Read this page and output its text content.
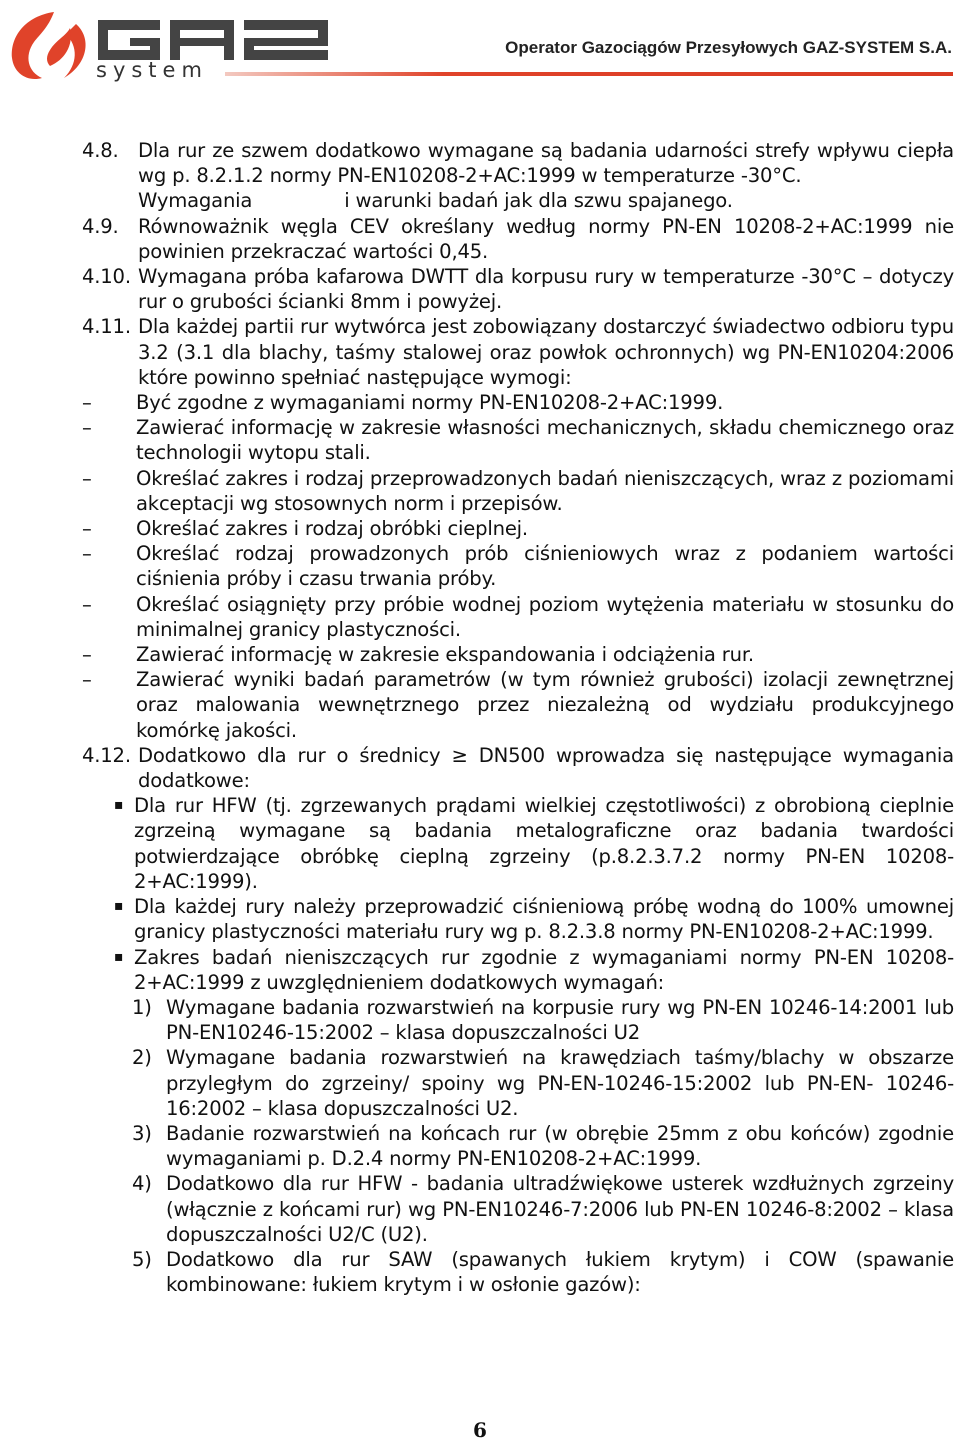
system
Operator Gazociągów Przesyłowych GAZ-SYSTEM S.A.
4.8. Dla rur ze szwem dodatkowo wymagane są badania udarności strefy wpływu ciepła wg p. 8.2.1.2 normy PN-EN10208-2+AC:1999 w temperaturze -30°C.

Wymagania	i warunki badań jak dla szwu spajanego.

4.9. Równoważnik węgla CEV określany według normy PN-EN 10208-2+AC:1999 nie powinien przekraczać wartości 0,45.

4.10. Wymagana próba kafarowa DWTT dla korpusu rury w temperaturze -30°C – dotyczy rur o grubości ścianki 8mm i powyżej.

4.11. Dla każdej partii rur wytwórca jest zobowiązany dostarczyć świadectwo odbioru typu 3.2 (3.1 dla blachy, taśmy stalowej oraz powłok ochronnych) wg PN-EN10204:2006 które powinno spełniać następujące wymogi:

– Być zgodne z wymaganiami normy PN-EN10208-2+AC:1999.

– Zawierać informację w zakresie własności mechanicznych, składu chemicznego oraz technologii wytopu stali.

– Określać zakres i rodzaj przeprowadzonych badań nieniszczących, wraz z poziomami akceptacji wg stosownych norm i przepisów.

– Określać zakres i rodzaj obróbki cieplnej.

– Określać rodzaj prowadzonych prób ciśnieniowych wraz z podaniem wartości ciśnienia próby i czasu trwania próby.

– Określać osiągnięty przy próbie wodnej poziom wytężenia materiału w stosunku do minimalnej granicy plastyczności.

– Zawierać informację w zakresie ekspandowania i odciążenia rur.

– Zawierać wyniki badań parametrów (w tym również grubości) izolacji zewnętrznej oraz malowania wewnętrznego przez niezależną od wydziału produkcyjnego komórkę jakości.

4.12. Dodatkowo dla rur o średnicy ≥ DN500 wprowadza się następujące wymagania dodatkowe:

▪ Dla rur HFW (tj. zgrzewanych prądami wielkiej częstotliwości) z obrobioną cieplnie zgrzeiną wymagane są badania metalograficzne oraz badania twardości potwierdzające obróbkę cieplną zgrzeiny (p.8.2.3.7.2 normy PN-EN 10208-2+AC:1999).

▪ Dla każdej rury należy przeprowadzić ciśnieniową próbę wodną do 100% umownej granicy plastyczności materiału rury wg p. 8.2.3.8 normy PN-EN10208-2+AC:1999.

▪ Zakres badań nieniszczących rur zgodnie z wymaganiami normy PN-EN 10208-2+AC:1999 z uwzględnieniem dodatkowych wymagań:

1) Wymagane badania rozwarstwień na korpusie rury wg PN-EN 10246-14:2001 lub PN-EN10246-15:2002 – klasa dopuszczalności U2

2) Wymagane badania rozwarstwień na krawędziach taśmy/blachy w obszarze przyległym do zgrzeiny/ spoiny wg PN-EN-10246-15:2002 lub PN-EN- 10246-16:2002 – klasa dopuszczalności U2.

3) Badanie rozwarstwień na końcach rur (w obrębie 25mm z obu końców) zgodnie wymaganiami p. D.2.4 normy PN-EN10208-2+AC:1999.

4) Dodatkowo dla rur HFW - badania ultradźwiękowe usterek wzdłużnych zgrzeiny (włącznie z końcami rur) wg PN-EN10246-7:2006 lub PN-EN 10246-8:2002 – klasa dopuszczalności U2/C (U2).

5) Dodatkowo dla rur SAW (spawanych łukiem krytym) i COW (spawanie kombinowane: łukiem krytym i w osłonie gazów):

6
